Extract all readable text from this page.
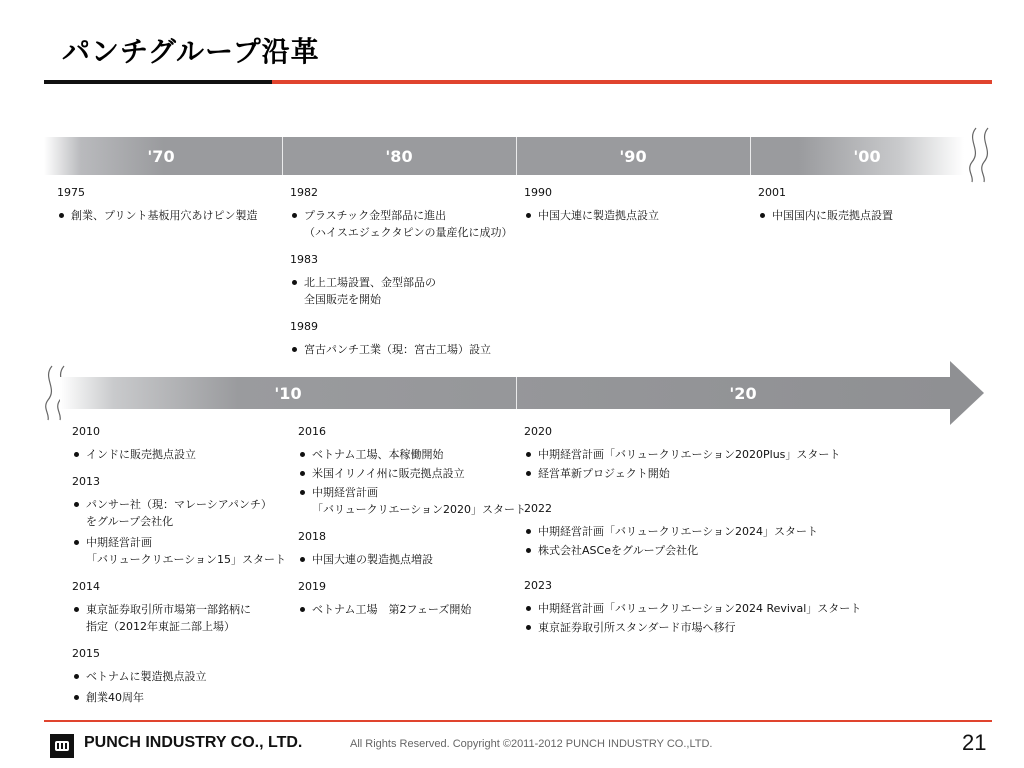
パンチグループ沿革
'70	'80	'90	'00
1975
創業、プリント基板用穴あけピン製造
1982
プラスチック金型部品に進出
（ハイスエジェクタピンの量産化に成功）
1983
北上工場設置、金型部品の
全国販売を開始
1989
宮古パンチ工業（現：宮古工場）設立
1990
中国大連に製造拠点設立
2001
中国国内に販売拠点設置
'10	'20
2010
インドに販売拠点設立
2013
パンサー社（現：マレーシアパンチ）
をグループ会社化
中期経営計画
「バリュークリエーション15」スタート
2014
東京証券取引所市場第一部銘柄に
指定（2012年東証二部上場）
2015
ベトナムに製造拠点設立
創業40周年
2016
ベトナム工場、本稼働開始
米国イリノイ州に販売拠点設立
中期経営計画
「バリュークリエーション2020」スタート
2018
中国大連の製造拠点増設
2019
ベトナム工場　第2フェーズ開始
2020
中期経営計画「バリュークリエーション2020Plus」スタート
経営革新プロジェクト開始
2022
中期経営計画「バリュークリエーション2024」スタート
株式会社ASCeをグループ会社化
2023
中期経営計画「バリュークリエーション2024 Revival」スタート
東京証券取引所スタンダード市場へ移行
PUNCH INDUSTRY CO., LTD.	All Rights Reserved. Copyright ©2011-2012 PUNCH INDUSTRY CO.,LTD.	21
